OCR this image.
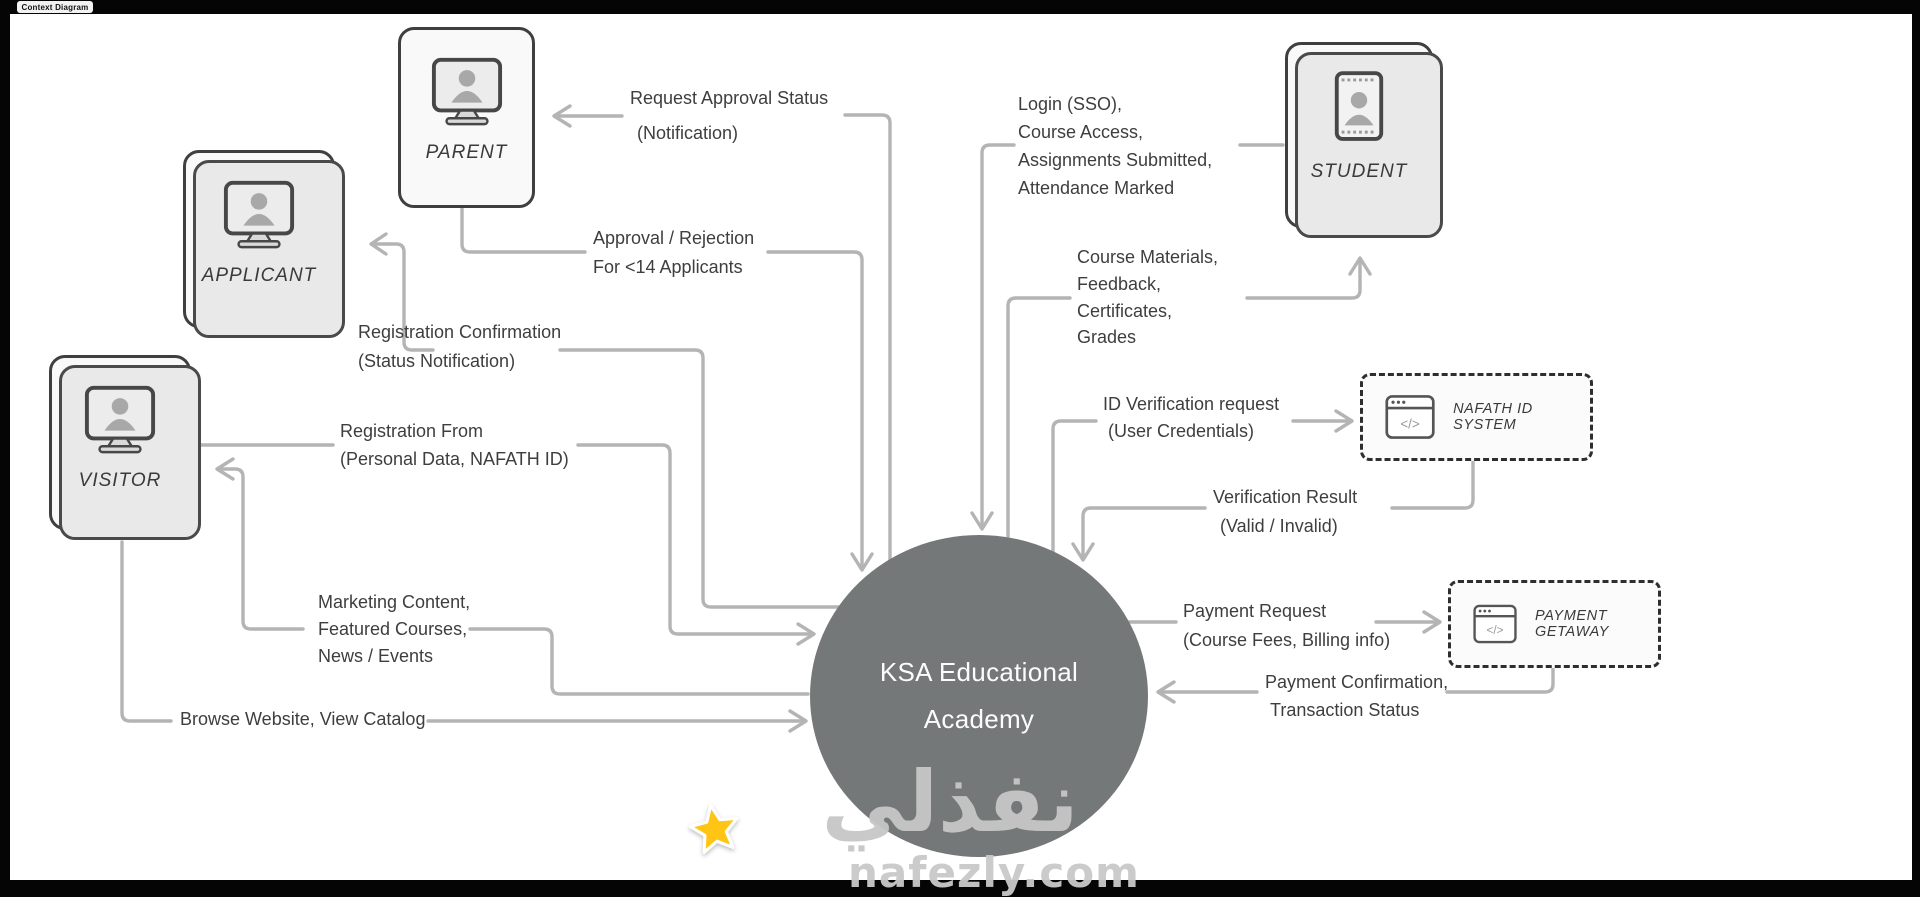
KSA Educational
Academy
PARENT
APPLICANT
VISITOR
STUDENT
</>
NAFATH ID SYSTEM
</>
PAYMENT GETAWAY
Request Approval Status
(Notification)
Approval / Rejection
For <14 Applicants
Registration Confirmation
(Status Notification)
Registration From
(Personal Data, NAFATH ID)
Marketing Content,
Featured Courses,
News / Events
Browse Website, View Catalog
Login (SSO),
Course Access,
Assignments Submitted,
Attendance Marked
Course Materials,
Feedback,
Certificates,
Grades
ID Verification request
(User Credentials)
Verification Result
(Valid / Invalid)
Payment Request
(Course Fees, Billing info)
Payment Confirmation,
Transaction Status
نفذلي
nafezly.com
Context Diagram
